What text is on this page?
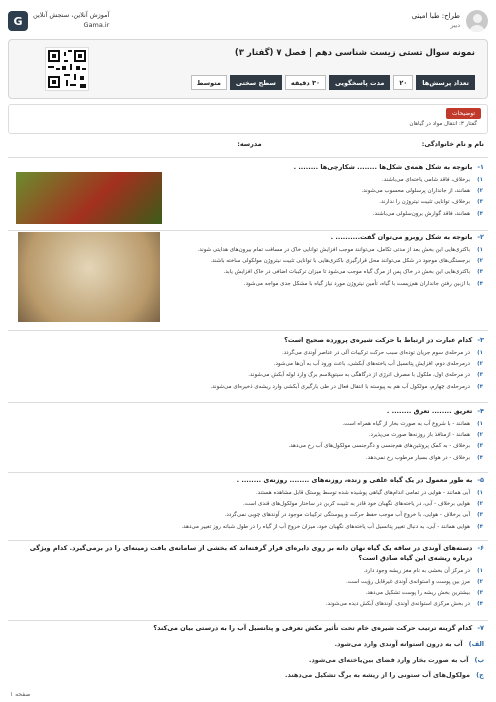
طراح: طبا امینی
دبیر
آموزش آنلاین، سنجش آنلاین
Gama.ir
G
نمونه سوال تستی زیست شناسی دهم | فصل ۷ (گفتار ۳)
تعداد پرسش‌ها
۲۰
مدت پاسخگویی
۳۰ دقیقه
سطح سختی
متوسط
توضیحات
گفتار ۳: انتقال مواد در گیاهان
نام و نام خانوادگی:
مدرسه:
۱-
باتوجه به شکل همه‌ی شکل‌ها ........ شکارچی‌ها ........ .
۱)
برخلاف، فاقد شامی یاخته‌ای می‌باشند.
۲)
همانند، از جانداران پرسلولی محسوب می‌شوند.
۳)
برخلاف، توانایی تثبیت نیتروژن را ندارند.
۴)
همانند، فاقد گوارش برون‌سلولی می‌باشند.
۲-
باتوجه به شکل روبرو می‌توان گفت.......... .
۱)
باکتری‌هایی این بخش بعد از مدتی تکامل، می‌توانند موجب افزایش توانایی خاک در مسافت تمام بیرون‌های هدایتی شوند.
۲)
برجستگی‌های موجود در شکل می‌توانند محل قرارگیری باکتری‌هایی با توانایی تثبیت نیتروژن مولکولی ساخته باشند.
۳)
باکتری‌هایی این بخش در خاک پس از مرگ گیاه موجب می‌شود تا میزان ترکیبات اضافی در خاک افزایش یابد.
۴)
با ازبین رفتن جانداران هم‌زیست با گیاه، تأمین نیتروژن مورد نیاز گیاه با مشکل جدی مواجه می‌شود.
۳-
کدام عبارت در ارتباط با حرکت شیره‌ی پرورده صحیح است؟
۱)
در مرحله‌ی سوم جریان توده‌ای سبب حرکت ترکیبات آلی در عناصر آوندی می‌گردد.
۲)
درمرحله‌ی دوم، افزایش پتانسیل آب یاخته‌های آبکشی، باعث ورود آب به آن‌ها می‌شود.
۳)
در مرحله‌ی اول، ملکول با مصرف انرژی از درگاهگی به سیتوپلاسم برگ وارد لوله آبکش می‌شوند.
۴)
درمرحله‌ی چهارم، مولکول آب هم به پیوسته با انتقال فعال در طی بارگیری آبکشی وارد ریشه‌ی ذخیره‌ای می‌شوند.
۴-
تعریق ........ تعرق ........ .
۱)
همانند - با شروع آب به صورت بخار از گیاه همراه است.
۲)
همانند - ازمنافذ باز روزنه‌ها صورت می‌پذیرد.
۳)
برخلاف - به کمک پروتئین‌های هم‌جنسی و دگرجنسی مولکول‌های آب رخ می‌دهد.
۴)
برخلاف - در هوای بسیار مرطوب رخ نمی‌دهد.
۵-
به طور معمول در یک گیاه علفی و زنده، روزنه‌های ........ روزنه‌ی ........ .
۱)
آبی همانند - هوایی در تمامی اندام‌های گیاهی پوشیده شده توسط پوستک قابل مشاهده هستند.
۲)
هوایی برخلاف - آبی، در یاخته‌های نگهبان خود قادر به تثبیت کربن در ساختار مولکول‌های قندی است.
۳)
آبی برخلاف - هوایی، با خروج آب موجب حفظ حرکت و پیوستگی ترکیبات موجود در آوندهای چوبی نمی‌گردد.
۴)
هوایی همانند - آبی، به دنبال تغییر پتانسیل آب یاخته‌های نگهبان خود، میزان خروج آب از گیاه را در طول شبانه روز تغییر می‌دهد.
۶-
دسته‌های آوندی در ساقه یک گیاه نهان دانه بر روی دایره‌ای قرار گرفته‌اند که بخشی از سامانه‌ی بافت زمینه‌ای را در برمی‌گیرد. کدام ویژگی درباره ریشه‌ی این گیاه صادق است؟
۱)
در مرکز آن بخشی به نام مغز ریشه وجود دارد.
۲)
مرز بین پوست و استوانه‌ی آوندی غیرقابل رؤیت است.
۳)
بیشترین بخش ریشه را پوست تشکیل می‌دهد.
۴)
در بخش مرکزی استوانه‌ی آوندی، آوندهای آبکش دیده می‌شوند.
۷-
کدام گزینه ترتیب حرکت شیره‌ی خام تحت تأثیر مکش تعرقی و پتانسیل آب را به درستی بیان می‌کند؟
الف)
آب به درون استوانه آوندی وارد می‌شود.
ب)
آب به صورت بخار وارد فضای بین‌یاخته‌ای می‌شود.
ج)
مولکول‌های آب ستونی را از ریشه به برگ تشکیل می‌دهند.
صفحه ۱
